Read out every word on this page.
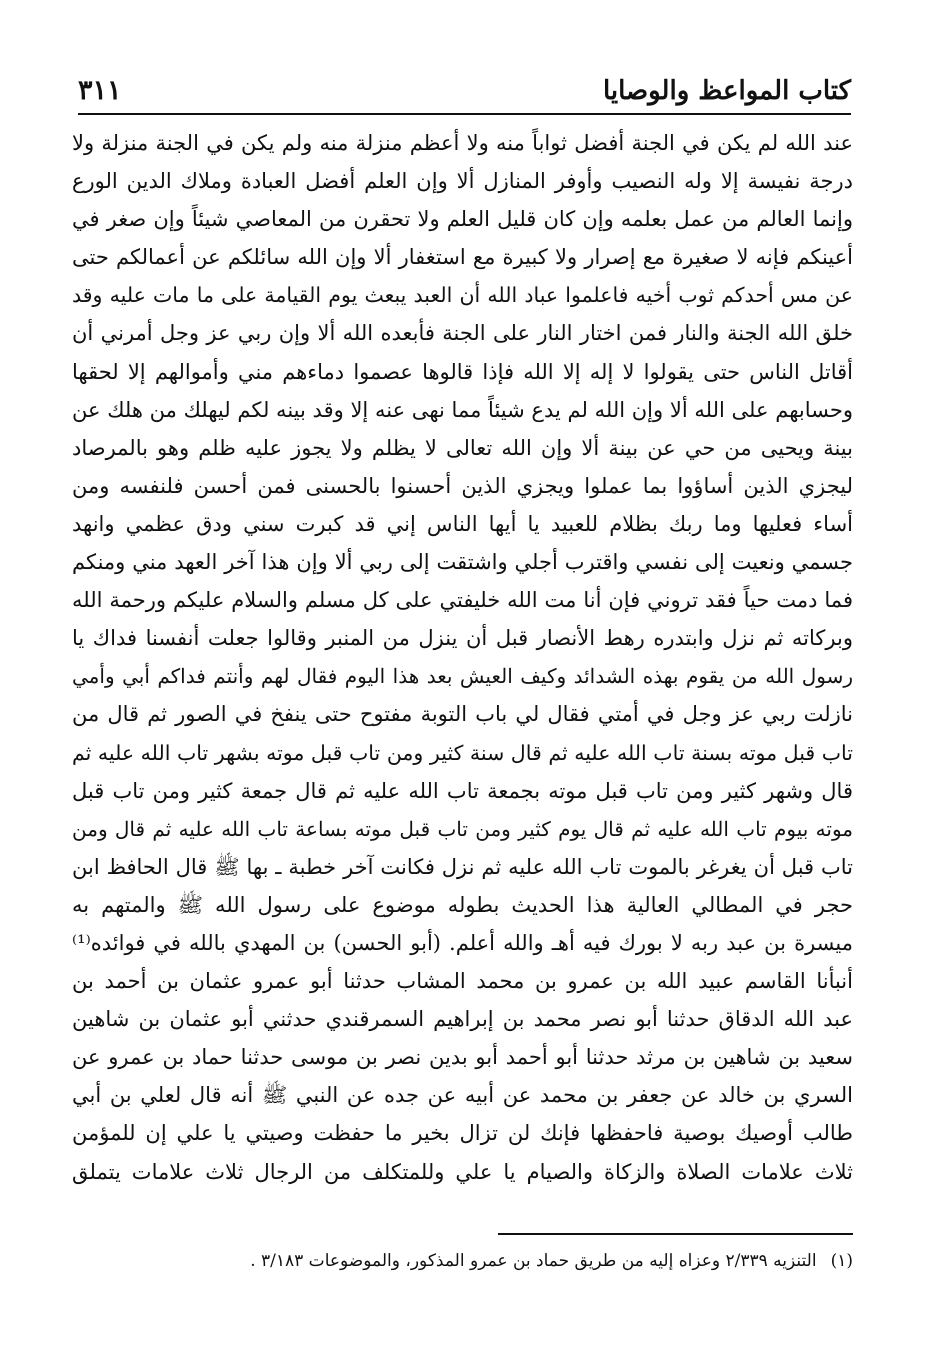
كتاب المواعظ والوصايا
٣١١
عند الله لم يكن في الجنة أفضل ثواباً منه ولا أعظم منزلة منه ولم يكن في الجنة منزلة ولا
درجة نفيسة إلا وله النصيب وأوفر المنازل ألا وإن العلم أفضل العبادة وملاك الدين الورع
وإنما العالم من عمل بعلمه وإن كان قليل العلم ولا تحقرن من المعاصي شيئاً وإن صغر في
أعينكم فإنه لا صغيرة مع إصرار ولا كبيرة مع استغفار ألا وإن الله سائلكم عن أعمالكم حتى
عن مس أحدكم ثوب أخيه فاعلموا عباد الله أن العبد يبعث يوم القيامة على ما مات عليه وقد
خلق الله الجنة والنار فمن اختار النار على الجنة فأبعده الله ألا وإن ربي عز وجل أمرني أن
أقاتل الناس حتى يقولوا لا إله إلا الله فإذا قالوها عصموا دماءهم مني وأموالهم إلا لحقها
وحسابهم على الله ألا وإن الله لم يدع شيئاً مما نهى عنه إلا وقد بينه لكم ليهلك من هلك عن
بينة ويحيى من حي عن بينة ألا وإن الله تعالى لا يظلم ولا يجوز عليه ظلم وهو بالمرصاد
ليجزي الذين أساؤوا بما عملوا ويجزي الذين أحسنوا بالحسنى فمن أحسن فلنفسه ومن
أساء فعليها وما ربك بظلام للعبيد يا أيها الناس إني قد كبرت سني ودق عظمي وانهد
جسمي ونعيت إلى نفسي واقترب أجلي واشتقت إلى ربي ألا وإن هذا آخر العهد مني ومنكم
فما دمت حياً فقد تروني فإن أنا مت الله خليفتي على كل مسلم والسلام عليكم ورحمة الله
وبركاته ثم نزل وابتدره رهط الأنصار قبل أن ينزل من المنبر وقالوا جعلت أنفسنا فداك يا
رسول الله من يقوم بهذه الشدائد وكيف العيش بعد هذا اليوم فقال لهم وأنتم فداكم أبي وأمي
نازلت ربي عز وجل في أمتي فقال لي باب التوبة مفتوح حتى ينفخ في الصور ثم قال من
تاب قبل موته بسنة تاب الله عليه ثم قال سنة كثير ومن تاب قبل موته بشهر تاب الله عليه ثم
قال وشهر كثير ومن تاب قبل موته بجمعة تاب الله عليه ثم قال جمعة كثير ومن تاب قبل
موته بيوم تاب الله عليه ثم قال يوم كثير ومن تاب قبل موته بساعة تاب الله عليه ثم قال ومن
تاب قبل أن يغرغر بالموت تاب الله عليه ثم نزل فكانت آخر خطبة ـ بها ﷺ قال الحافظ ابن
حجر في المطالي العالية هذا الحديث بطوله موضوع على رسول الله ﷺ والمتهم به
ميسرة بن عبد ربه لا بورك فيه أهـ والله أعلم. (أبو الحسن) بن المهدي بالله في فوائده⁽¹⁾
أنبأنا القاسم عبيد الله بن عمرو بن محمد المشاب حدثنا أبو عمرو عثمان بن أحمد بن
عبد الله الدقاق حدثنا أبو نصر محمد بن إبراهيم السمرقندي حدثني أبو عثمان بن شاهين
سعيد بن شاهين بن مرثد حدثنا أبو أحمد أبو بدين نصر بن موسى حدثنا حماد بن عمرو عن
السري بن خالد عن جعفر بن محمد عن أبيه عن جده عن النبي ﷺ أنه قال لعلي بن أبي
طالب أوصيك بوصية فاحفظها فإنك لن تزال بخير ما حفظت وصيتي يا علي إن للمؤمن
ثلاث علامات الصلاة والزكاة والصيام يا علي وللمتكلف من الرجال ثلاث علامات يتملق
(١)
التنزيه ٢/٣٣٩ وعزاه إليه من طريق حماد بن عمرو المذكور، والموضوعات ٣/١٨٣ .
